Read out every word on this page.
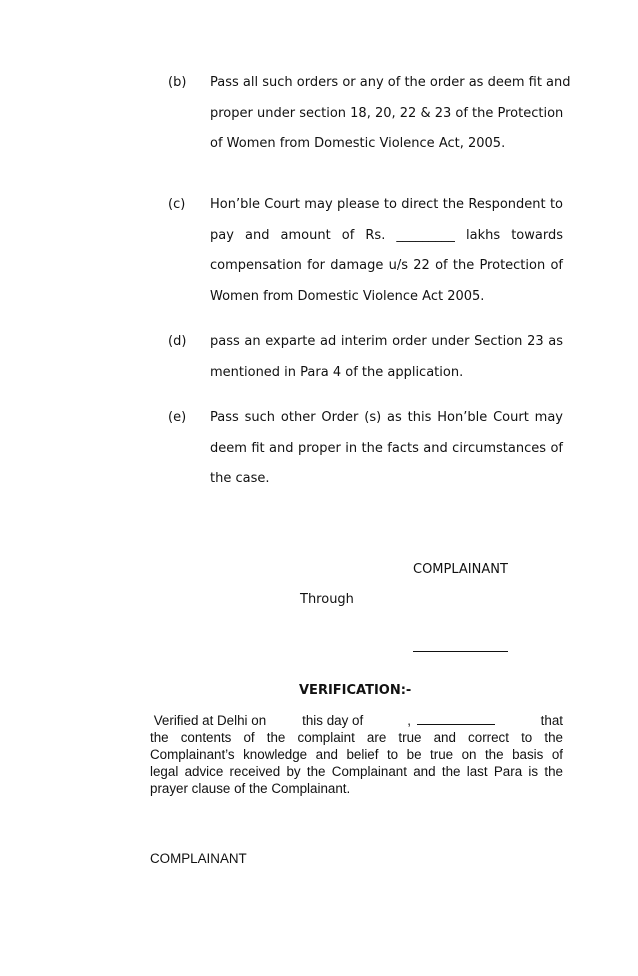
(b) Pass all such orders or any of the order as deem fit and
proper under section 18, 20, 22 & 23 of the Protection
of Women from Domestic Violence Act, 2005.
(c) Hon’ble Court may please to direct the Respondent to
pay and amount of Rs. _________ lakhs towards
compensation for damage u/s 22 of the Protection of
Women from Domestic Violence Act 2005.
(d) pass an exparte ad interim order under Section 23 as
mentioned in Para 4 of the application.
(e) Pass such other Order (s) as this Hon’ble Court may
deem fit and proper in the facts and circumstances of
the case.
COMPLAINANT
Through
VERIFICATION:-

Verified at Delhi on	this day of	,	that
the contents of the complaint are true and correct to the
Complainant’s knowledge and belief to be true on the basis of
legal advice received by the Complainant and the last Para is the
prayer clause of the Complainant.
COMPLAINANT
